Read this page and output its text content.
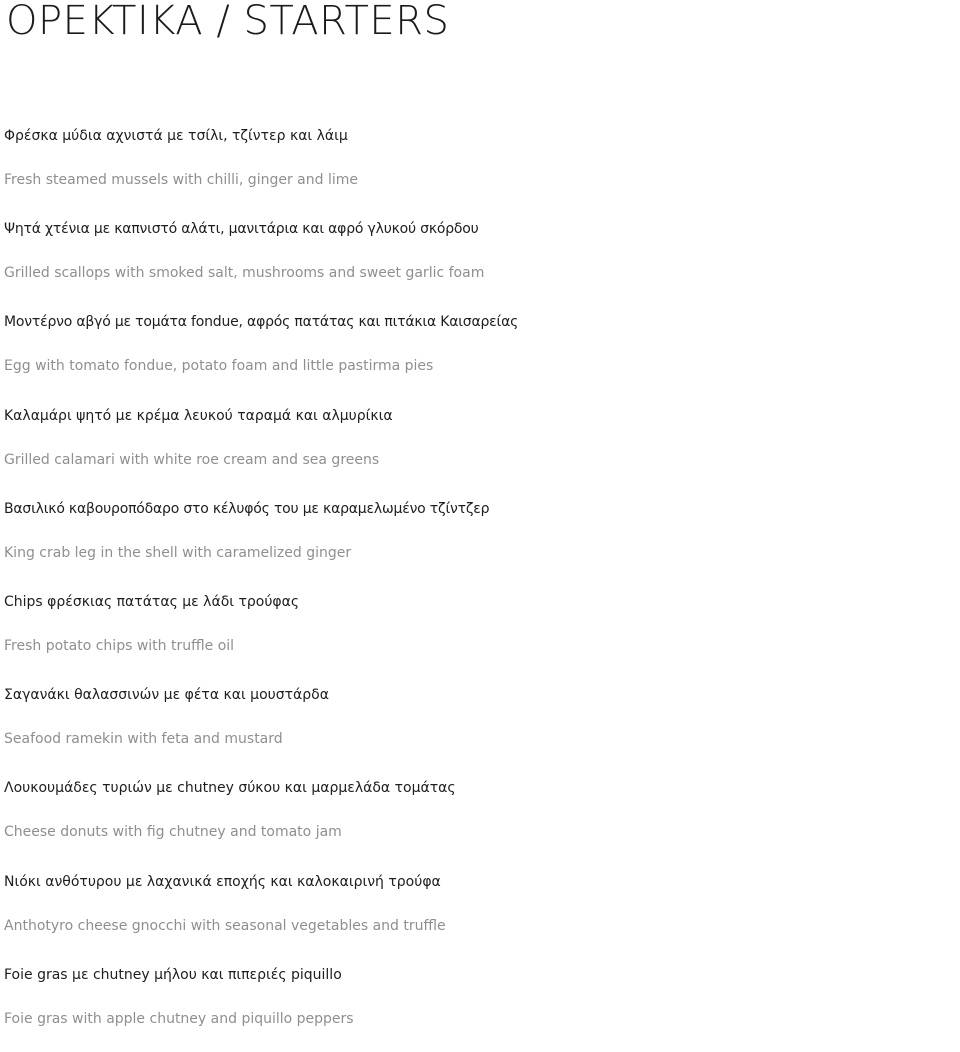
OPEKTIKA / STARTERS
Φρέσκα μύδια αχνιστά με τσίλι, τζίντερ και λάιμ
Fresh steamed mussels with chilli, ginger and lime
Ψητά χτένια με καπνιστό αλάτι, μανιτάρια και αφρό γλυκού σκόρδου
Grilled scallops with smoked salt, mushrooms and sweet garlic foam
Μοντέρνο αβγό με τομάτα fondue, αφρός πατάτας και πιτάκια Καισαρείας
Egg with tomato fondue, potato foam and little pastirma pies
Καλαμάρι ψητό με κρέμα λευκού ταραμά και αλμυρίκια
Grilled calamari with white roe cream and sea greens
Βασιλικό καβουροπόδαρο στο κέλυφός του με καραμελωμένο τζίντζερ
King crab leg in the shell with caramelized ginger
Chips φρέσκιας πατάτας με λάδι τρούφας
Fresh potato chips with truffle oil
Σαγανάκι θαλασσινών με φέτα και μουστάρδα
Seafood ramekin with feta and mustard
Λουκουμάδες τυριών με chutney σύκου και μαρμελάδα τομάτας
Cheese donuts with fig chutney and tomato jam
Νιόκι ανθότυρου με λαχανικά εποχής και καλοκαιρινή τρούφα
Anthotyro cheese gnocchi with seasonal vegetables and truffle
Foie gras με chutney μήλου και πιπεριές piquillo
Foie gras with apple chutney and piquillo peppers
